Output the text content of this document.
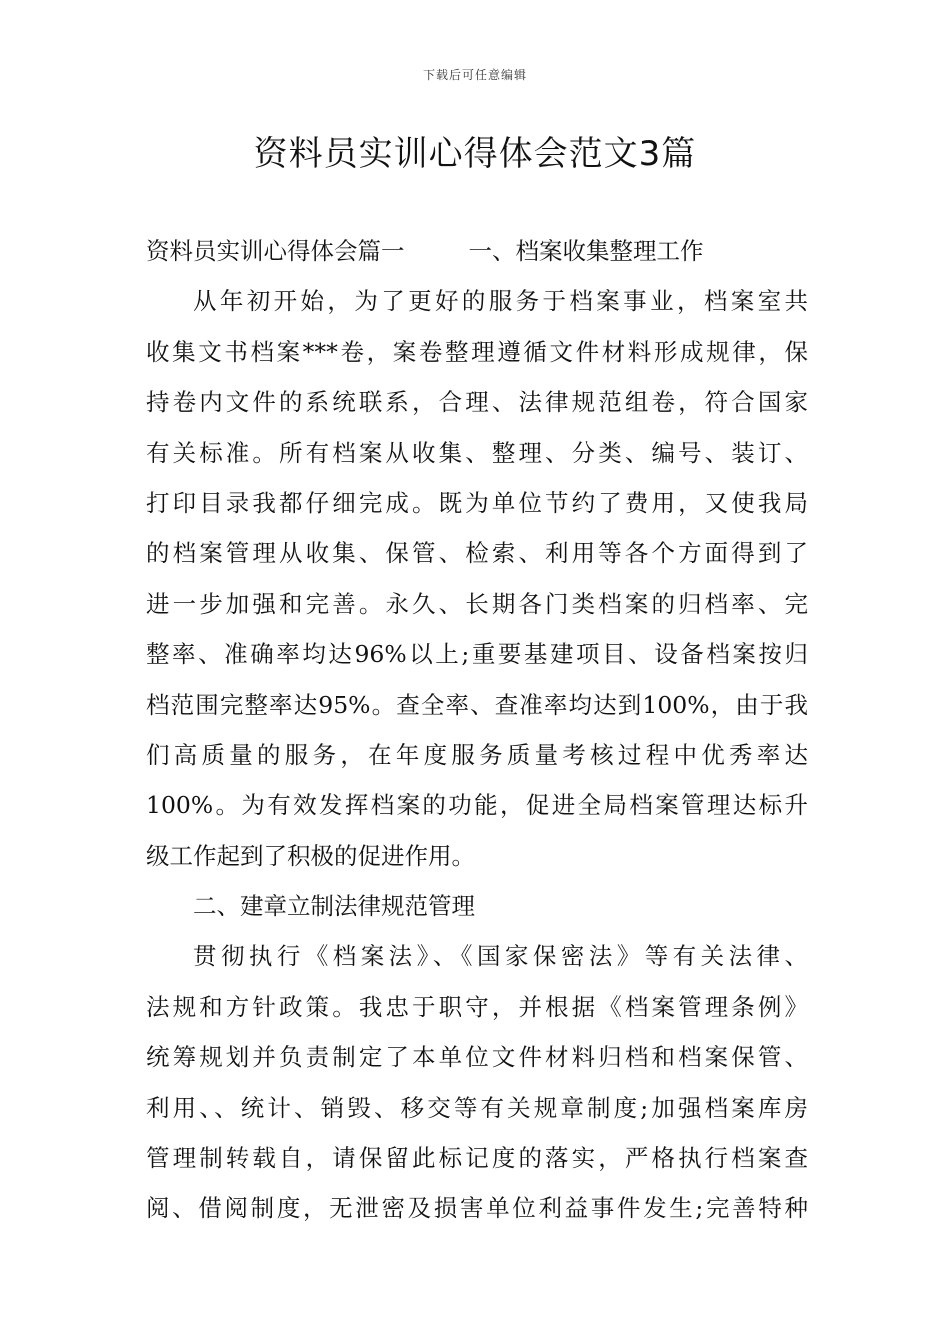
下载后可任意编辑
资料员实训心得体会范文3篇
资料员实训心得体会篇一	一、档案收集整理工作
从年初开始，为了更好的服务于档案事业，档案室共
收集文书档案***卷，案卷整理遵循文件材料形成规律，保
持卷内文件的系统联系，合理、法律规范组卷，符合国家
有关标准。所有档案从收集、整理、分类、编号、装订、
打印目录我都仔细完成。既为单位节约了费用，又使我局
的档案管理从收集、保管、检索、利用等各个方面得到了
进一步加强和完善。永久、长期各门类档案的归档率、完
整率、准确率均达96%以上;重要基建项目、设备档案按归
档范围完整率达95%。查全率、查准率均达到100%，由于我
们高质量的服务，在年度服务质量考核过程中优秀率达
100%。为有效发挥档案的功能，促进全局档案管理达标升
级工作起到了积极的促进作用。
二、建章立制法律规范管理
贯彻执行《档案法》、《国家保密法》等有关法律、
法规和方针政策。我忠于职守，并根据《档案管理条例》
统筹规划并负责制定了本单位文件材料归档和档案保管、
利用、、统计、销毁、移交等有关规章制度;加强档案库房
管理制转载自，请保留此标记度的落实，严格执行档案查
阅、借阅制度，无泄密及损害单位利益事件发生;完善特种
